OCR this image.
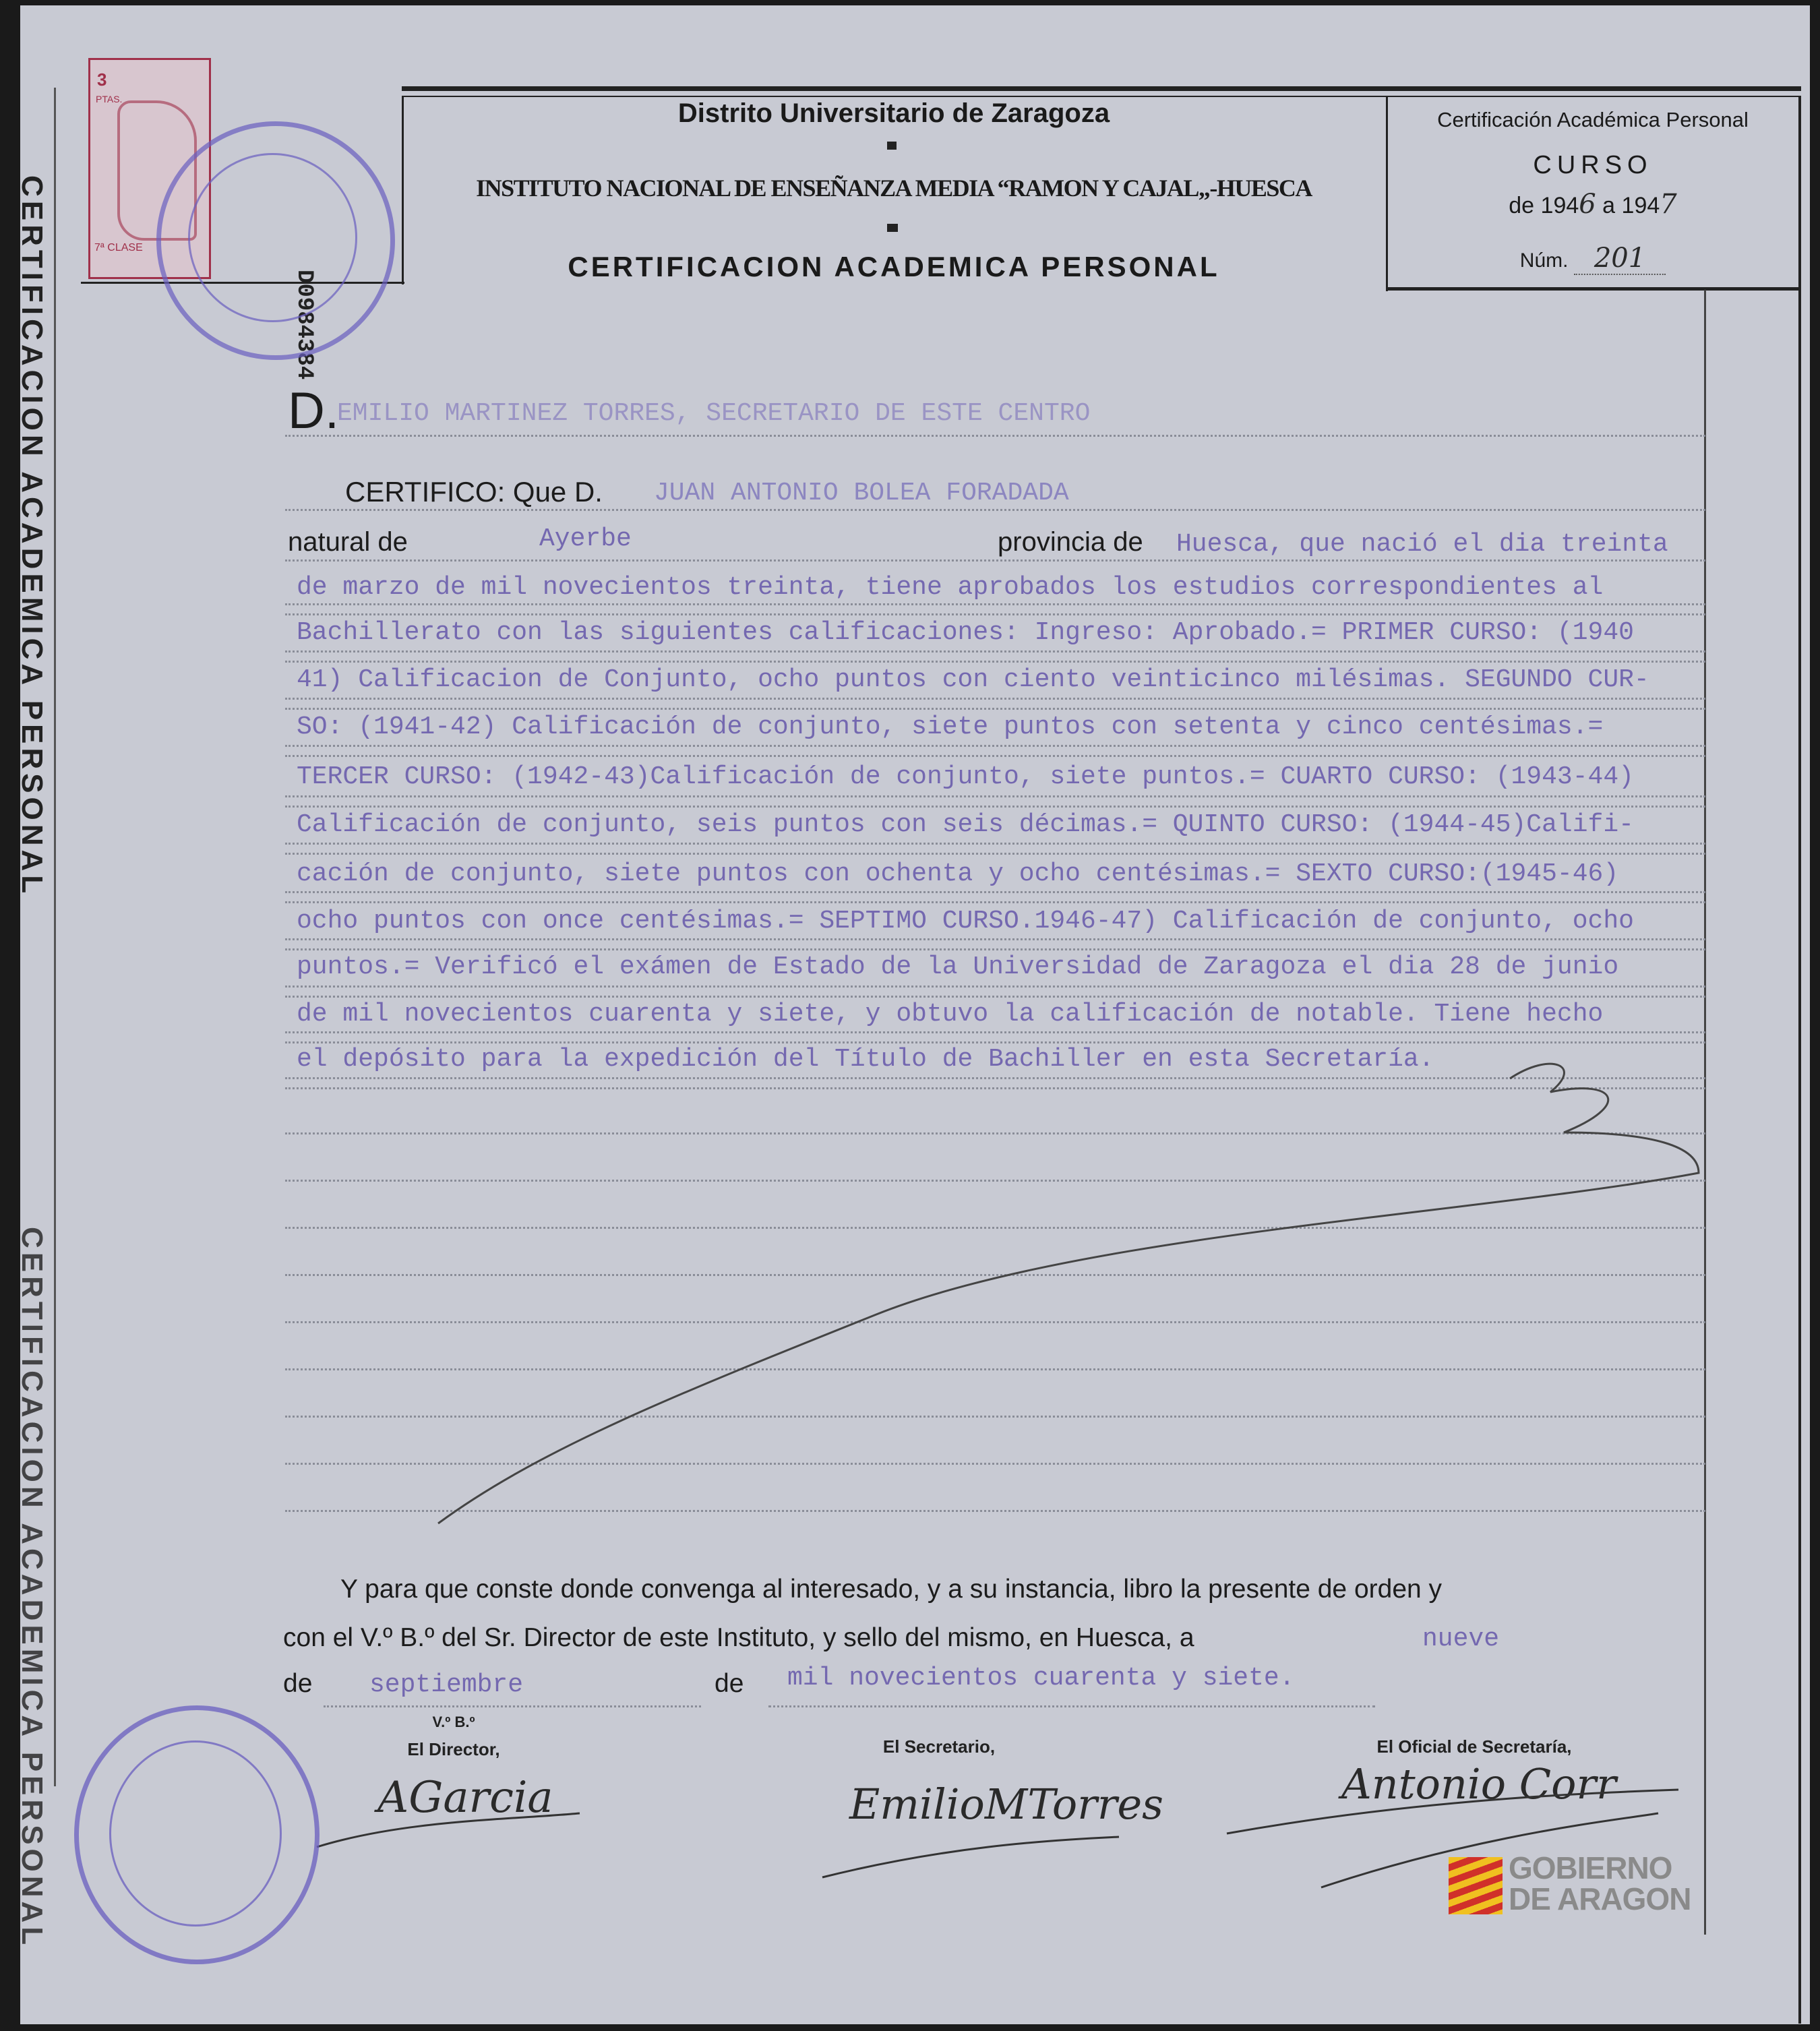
CERTIFICACION ACADEMICA PERSONAL
CERTIFICACION ACADEMICA PERSONAL
Distrito Universitario de Zaragoza
INSTITUTO NACIONAL DE ENSEÑANZA MEDIA “RAMON Y CAJAL„-HUESCA
CERTIFICACION ACADEMICA PERSONAL
Certificación Académica Personal
CURSO
de 1946 a 1947
Núm. 201
3
PTAS.
7ª CLASE
D0984384
D.
EMILIO MARTINEZ TORRES, SECRETARIO DE ESTE CENTRO
CERTIFICO: Que D. JUAN ANTONIO BOLEA FORADADA
natural de	Ayerbe	provincia de Huesca, que nació el dia treinta
de marzo de mil novecientos treinta, tiene aprobados los estudios correspondientes al
Bachillerato con las siguientes calificaciones: Ingreso: Aprobado.= PRIMER CURSO: (1940
41) Calificacion de Conjunto, ocho puntos con ciento veinticinco milésimas. SEGUNDO CUR-
SO: (1941-42) Calificación de conjunto, siete puntos con setenta y cinco centésimas.=
TERCER CURSO: (1942-43)Calificación de conjunto, siete puntos.= CUARTO CURSO: (1943-44)
Calificación de conjunto, seis puntos con seis décimas.= QUINTO CURSO: (1944-45)Califi-
cación de conjunto, siete puntos con ochenta y ocho centésimas.= SEXTO CURSO:(1945-46)
ocho puntos con once centésimas.= SEPTIMO CURSO.1946-47) Calificación de conjunto, ocho
puntos.= Verificó el exámen de Estado de la Universidad de Zaragoza el dia 28 de junio
de mil novecientos cuarenta y siete, y obtuvo la calificación de notable. Tiene hecho
el depósito para la expedición del Título de Bachiller en esta Secretaría.
Y para que conste donde convenga al interesado, y a su instancia, libro la presente de orden y
con el V.º B.º del Sr. Director de este Instituto, y sello del mismo, en Huesca, a	nueve
de septiembre	de mil novecientos cuarenta y siete.
V.º B.º
El Director,	El Secretario,	El Oficial de Secretaría,
AGarcia	EmilioMTorres	Antonio Corr
GOBIERNO
DE ARAGON
